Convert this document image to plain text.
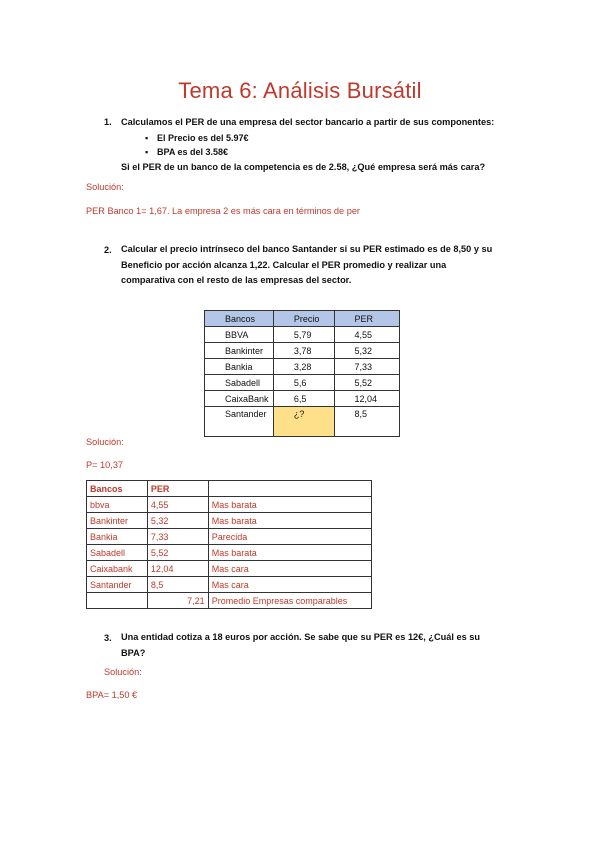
Tema 6: Análisis Bursátil
1. Calculamos el PER de una empresa del sector bancario a partir de sus componentes:
▪ El Precio es del 5.97€
▪ BPA es del 3.58€
Si el PER de un banco de la competencia es de 2.58, ¿Qué empresa será más cara?
Solución:
PER Banco 1= 1,67. La empresa 2 es más cara en términos de per
2. Calcular el precio intrínseco del banco Santander si su PER estimado es de 8,50 y su
Beneficio por acción alcanza 1,22. Calcular el PER promedio y realizar una
comparativa con el resto de las empresas del sector.
Bancos	Precio	PER
BBVA	5,79	4,55
Bankinter	3,78	5,32
Bankia	3,28	7,33
Sabadell	5,6	5,52
CaixaBank	6,5	12,04
Santander	¿?	8,5
Solución:
P= 10,37
Bancos	PER	
bbva	4,55	Mas barata
Bankinter	5,32	Mas barata
Bankia	7,33	Parecida
Sabadell	5,52	Mas barata
Caixabank	12,04	Mas cara
Santander	8,5	Mas cara
	7,21	Promedio Empresas comparables
3. Una entidad cotiza a 18 euros por acción. Se sabe que su PER es 12€, ¿Cuál es su
BPA?
Solución:
BPA= 1,50 €
